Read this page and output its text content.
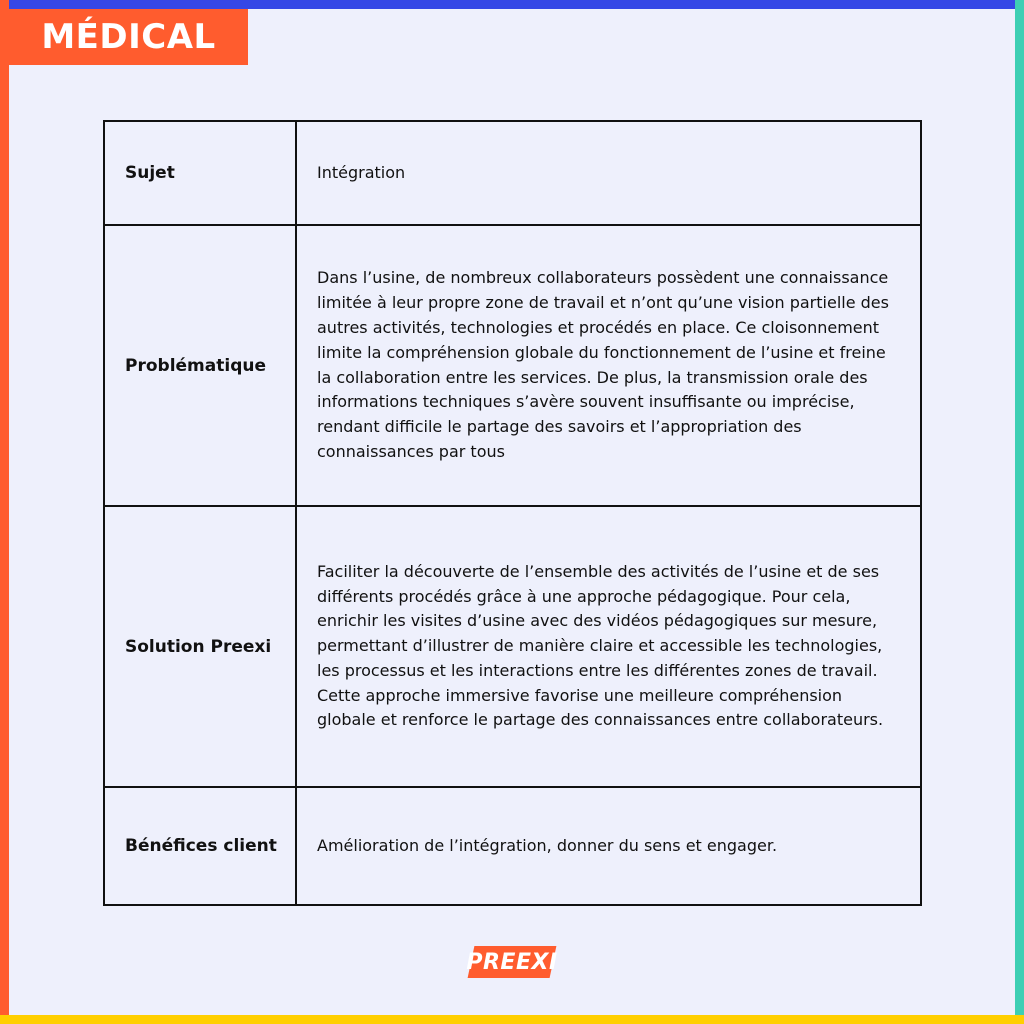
MÉDICAL
Sujet	Intégration
Problématique	Dans l’usine, de nombreux collaborateurs possèdent une connaissance limitée à leur propre zone de travail et n’ont qu’une vision partielle des autres activités, technologies et procédés en place. Ce cloisonnement limite la compréhension globale du fonctionnement de l’usine et freine la collaboration entre les services. De plus, la transmission orale des informations techniques s’avère souvent insuffisante ou imprécise, rendant difficile le partage des savoirs et l’appropriation des connaissances par tous
Solution Preexi	Faciliter la découverte de l’ensemble des activités de l’usine et de ses différents procédés grâce à une approche pédagogique. Pour cela, enrichir les visites d’usine avec des vidéos pédagogiques sur mesure, permettant d’illustrer de manière claire et accessible les technologies, les processus et les interactions entre les différentes zones de travail. Cette approche immersive favorise une meilleure compréhension globale et renforce le partage des connaissances entre collaborateurs.
Bénéfices client	Amélioration de l’intégration, donner du sens et engager.
PREEXI
